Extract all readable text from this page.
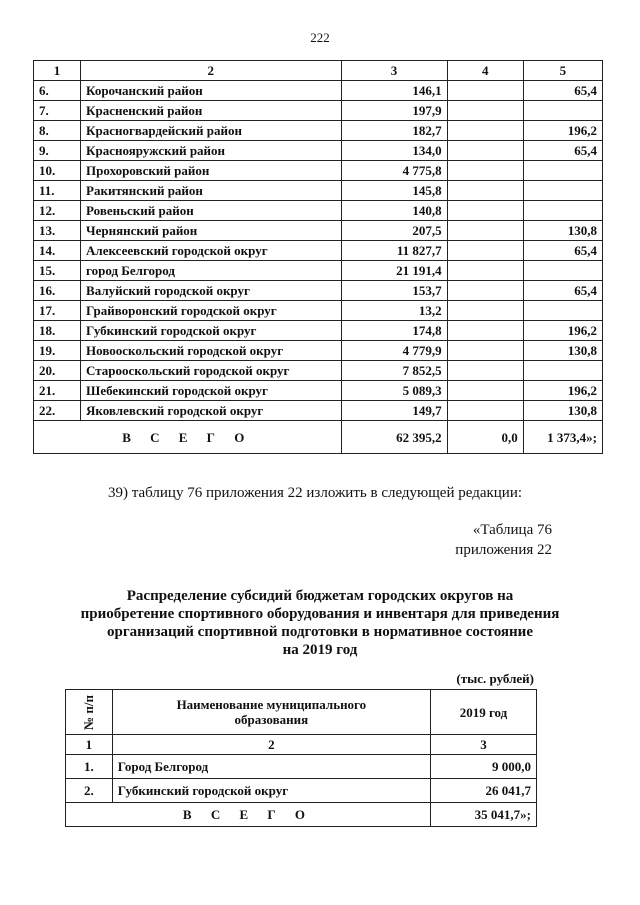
222
1	2	3	4	5
6.	Корочанский район	146,1		65,4
7.	Красненский район	197,9		
8.	Красногвардейский район	182,7		196,2
9.	Краснояружский район	134,0		65,4
10.	Прохоровский район	4 775,8		
11.	Ракитянский район	145,8		
12.	Ровеньский район	140,8		
13.	Чернянский район	207,5		130,8
14.	Алексеевский городской округ	11 827,7		65,4
15.	город Белгород	21 191,4		
16.	Валуйский городской округ	153,7		65,4
17.	Грайворонский городской округ	13,2		
18.	Губкинский городской округ	174,8		196,2
19.	Новооскольский городской округ	4 779,9		130,8
20.	Старооскольский городской округ	7 852,5		
21.	Шебекинский городской округ	5 089,3		196,2
22.	Яковлевский городской округ	149,7		130,8
В С Е Г О		62 395,2	0,0	1 373,4»;
39) таблицу 76 приложения 22 изложить в следующей редакции:
«Таблица 76
приложения 22
Распределение субсидий бюджетам городских округов на
приобретение спортивного оборудования и инвентаря для приведения
организаций спортивной подготовки в нормативное состояние
на 2019 год
(тыс. рублей)
№ п/п	Наименование муниципального образования	2019 год
1	2	3
1.	Город Белгород	9 000,0
2.	Губкинский городской округ	26 041,7
В С Е Г О		35 041,7»;
